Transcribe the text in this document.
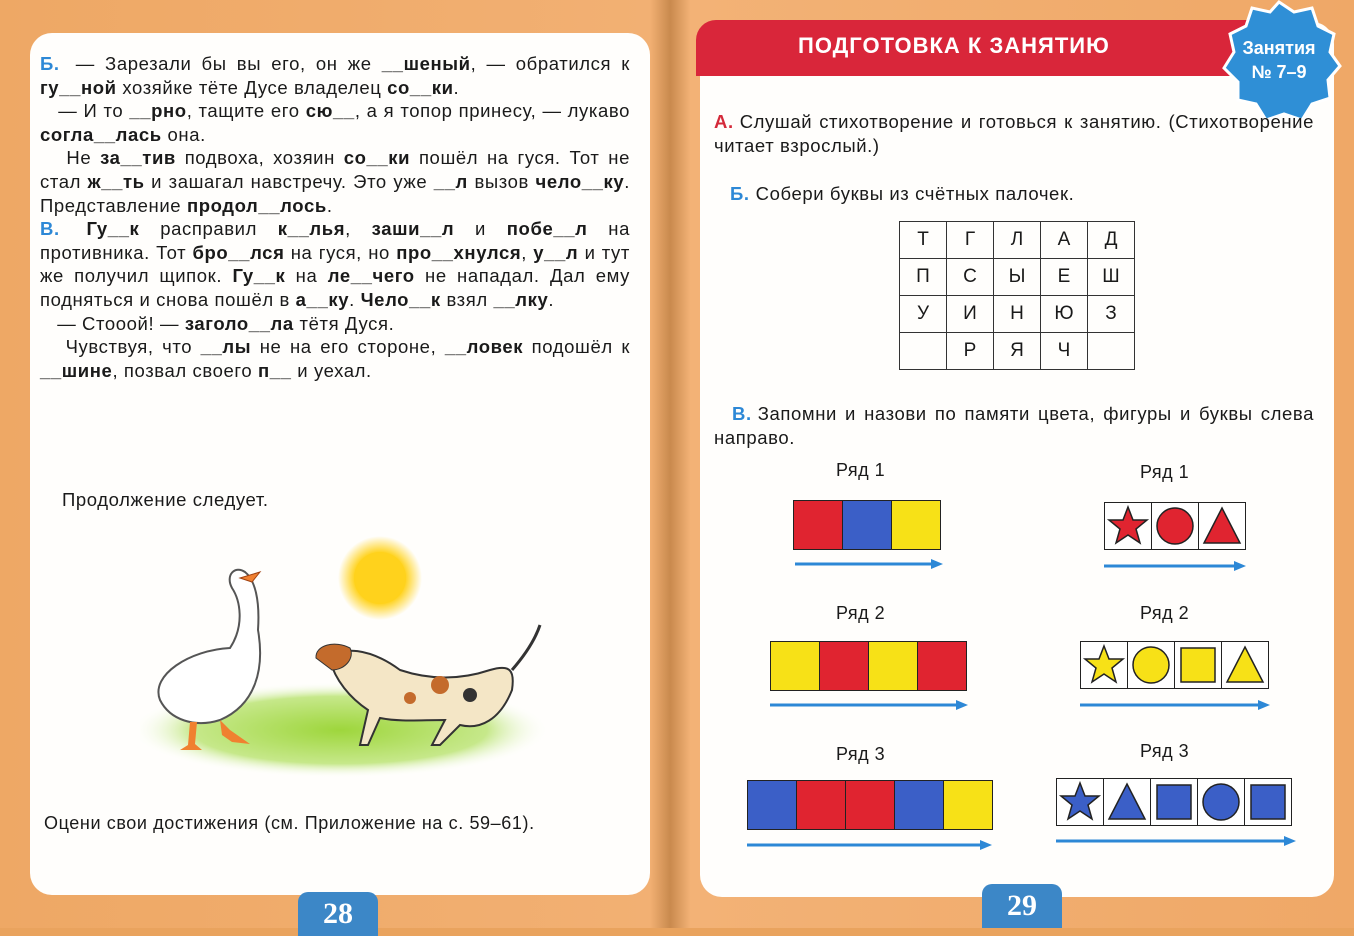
Б. — Зарезали бы вы его, он же __шеный, — обратился к гу__ной хозяйке тёте Дусе владелец со__ки.

— И то __рно, тащите его сю__, а я топор принесу, — лукаво согла__лась она.

Не за__тив подвоха, хозяин со__ки пошёл на гуся. Тот не стал ж__ть и зашагал навстречу. Это уже __л вызов чело__ку. Представление продол__лось.

В. Гу__к расправил к__лья, заши__л и побе__л на противника. Тот бро__лся на гуся, но про__хнулся, у__л и тут же получил щипок. Гу__к на ле__чего не нападал. Дал ему подняться и снова пошёл в а__ку. Чело__к взял __лку.

— Стооой! — заголо__ла тётя Дуся.

Чувствуя, что __лы не на его стороне, __ловек подошёл к __шине, позвал своего п__ и уехал.

Продолжение следует.
Оцени свои достижения (см. Приложение на с. 59–61).
28
ПОДГОТОВКА К ЗАНЯТИЮ	Занятия
№ 7–9
А. Слушай стихотворение и готовься к занятию. (Стихотворение читает взрослый.)
Б. Собери буквы из счётных палочек.
Т	Г	Л	А	Д
П	С	Ы	Е	Ш
У	И	Н	Ю	З
	Р	Я	Ч	
В. Запомни и назови по памяти цвета, фигуры и буквы слева направо.
Ряд 1	Ряд 1
Ряд 2	Ряд 2
Ряд 3	Ряд 3
29
